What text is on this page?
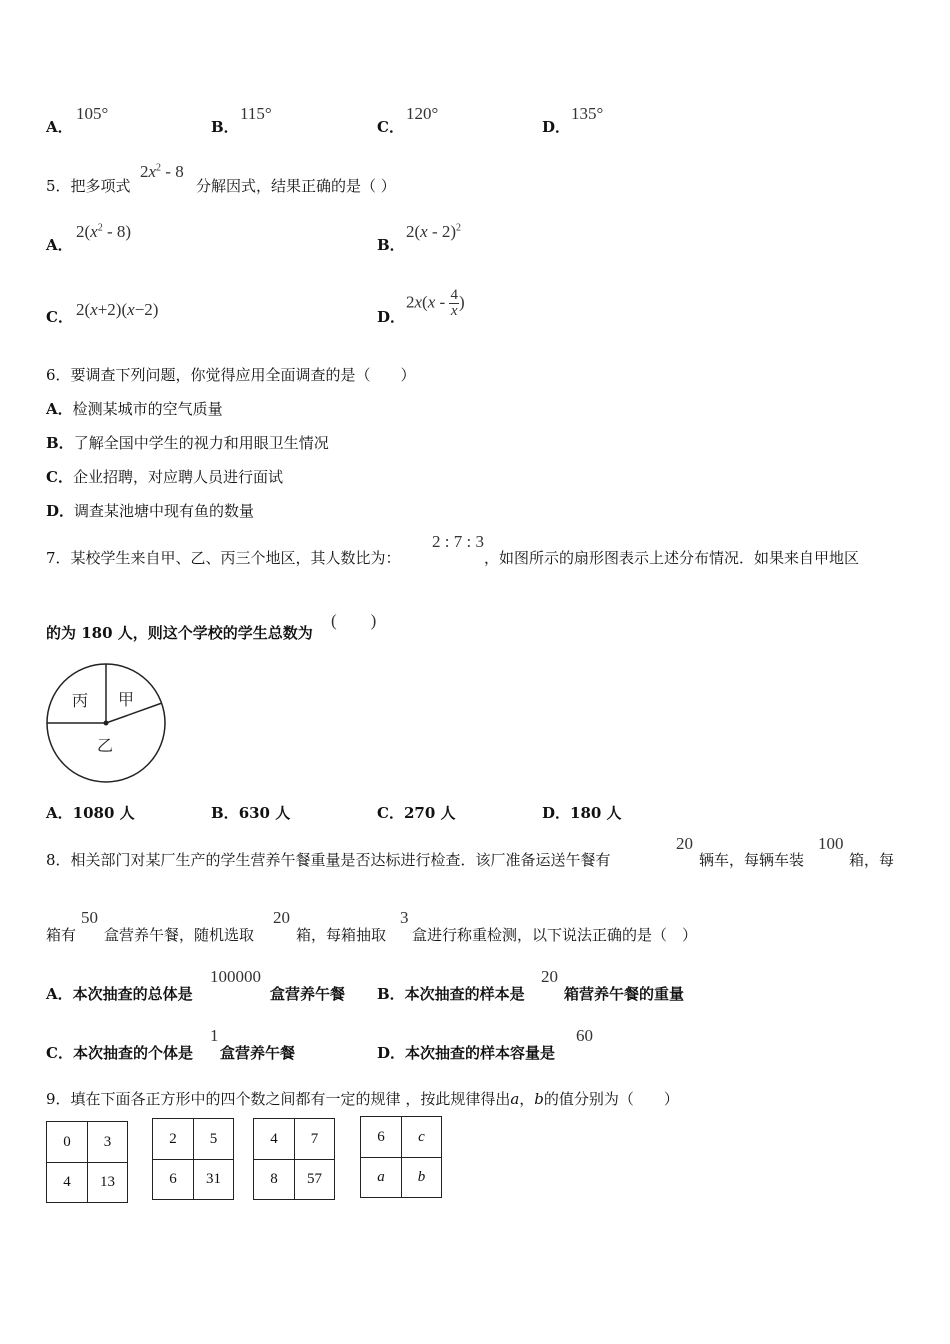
A．
105°
B．
115°
C．
120°
D．
135°
5．把多项式
$2x^2 - 8$
分解因式，结果正确的是（ ）
A．
$2(x^2 - 8)$
B．
2(x - 2)$^2$
C． 2(x+2)(x−2)	D．
$2x(x - \frac{4}{x}$ )
6．要调查下列问题，你觉得应用全面调查的是（　　）
A．检测某城市的空气质量
B．了解全国中学生的视力和用眼卫生情况
C．企业招聘，对应聘人员进行面试
D．调查某池塘中现有鱼的数量
7．某校学生来自甲、乙、丙三个地区，其人数比为：
2 : 7 : 3
，如图所示的扇形图表示上述分布情况．如果来自甲地区
的为 180 人，则这个学校的学生总数为
(　　)
丙 甲
乙
A．1080 人	B．630 人	C．270 人	D．180 人
8．相关部门对某厂生产的学生营养午餐重量是否达标进行检查．该厂准备运送午餐有
20
辆车，每辆车装
100
箱，每
箱有
50
盒营养午餐，随机选取
20
箱，每箱抽取
3
盒进行称重检测，以下说法正确的是（　）
A．本次抽查的总体是
100000
盒营养午餐 B．本次抽查的样本是
20
箱营养午餐的重量
C．本次抽查的个体是
1
盒营养午餐	D．本次抽查的样本容量是
60
9．填在下面各正方形中的四个数之间都有一定的规律 ，按此规律得出a，b的值分别为（　　）
0	3
4	13
2	5
6	31
4	7
8	57
6	c
a	b
